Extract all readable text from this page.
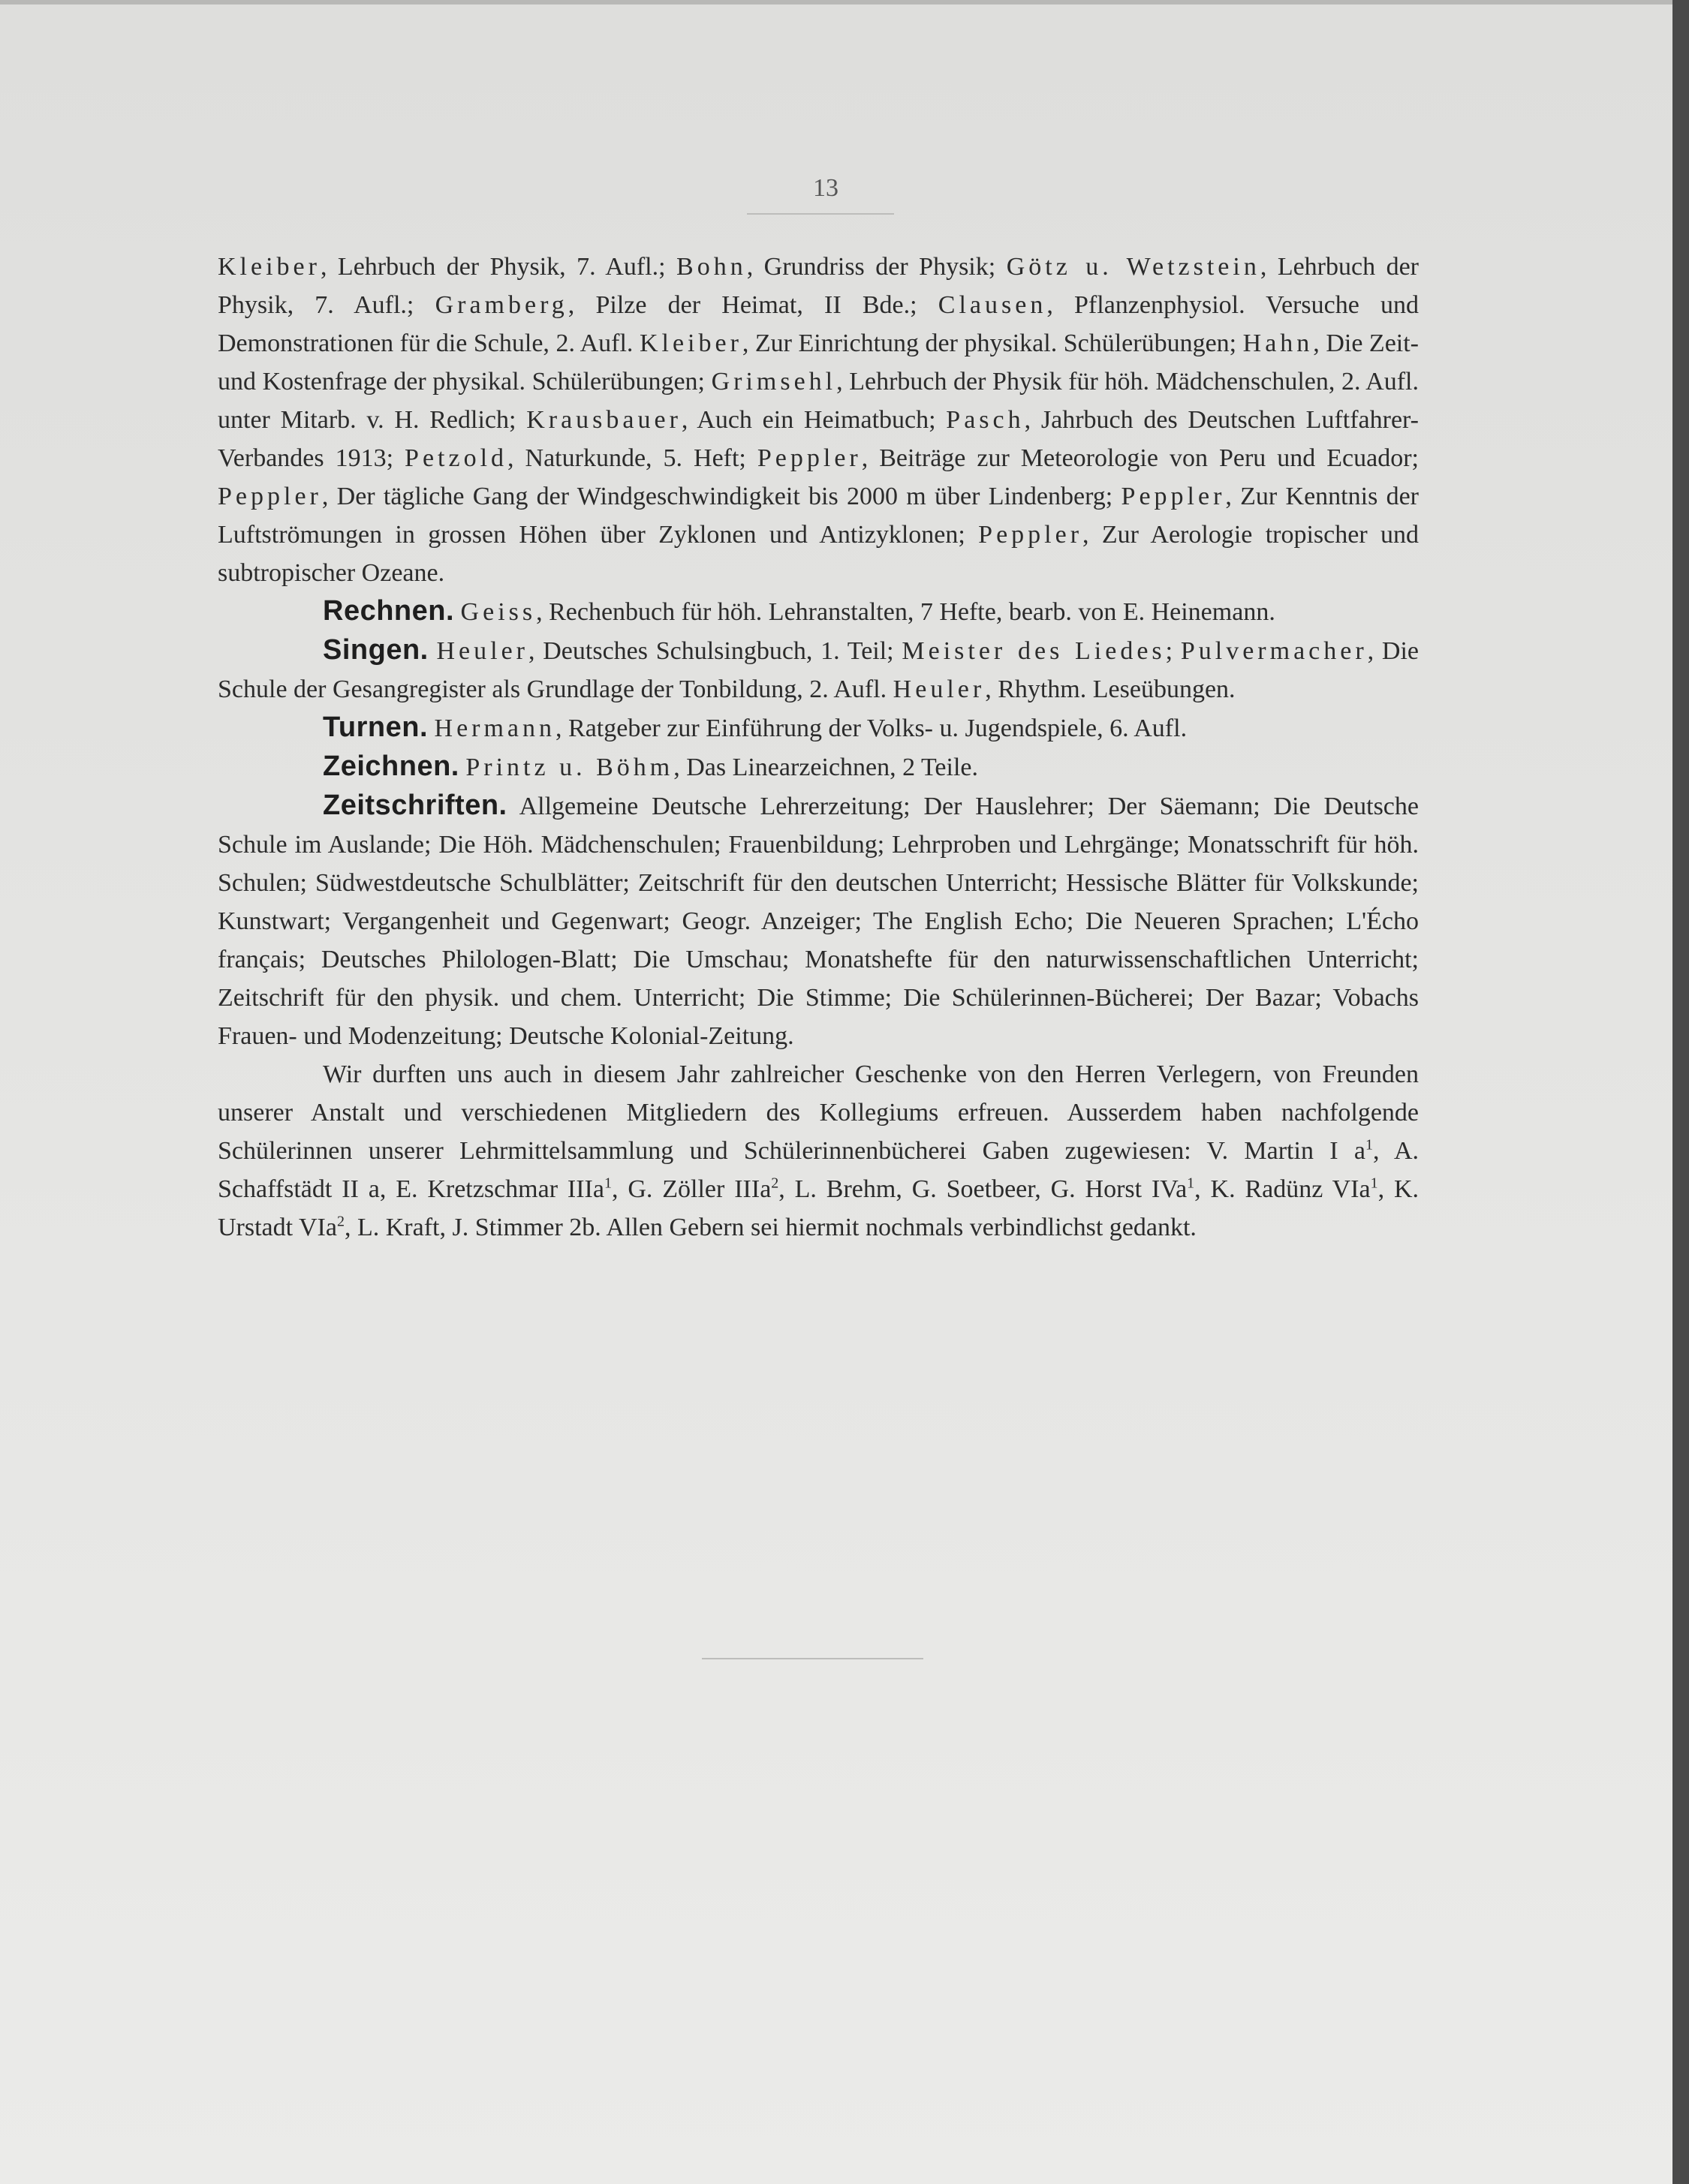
13

Kleiber, Lehrbuch der Physik, 7. Aufl.; Bohn, Grundriss der Physik; Götz u. Wetzstein, Lehrbuch der Physik, 7. Aufl.; Gramberg, Pilze der Heimat, II Bde.; Clausen, Pflanzenphysiol. Versuche und Demonstrationen für die Schule, 2. Aufl. Kleiber, Zur Einrichtung der physikal. Schülerübungen; Hahn, Die Zeit- und Kostenfrage der physikal. Schülerübungen; Grimsehl, Lehrbuch der Physik für höh. Mädchenschulen, 2. Aufl. unter Mitarb. v. H. Redlich; Krausbauer, Auch ein Heimatbuch; Pasch, Jahrbuch des Deutschen Luftfahrer-Verbandes 1913; Petzold, Naturkunde, 5. Heft; Peppler, Beiträge zur Meteorologie von Peru und Ecuador; Peppler, Der tägliche Gang der Windgeschwindigkeit bis 2000 m über Lindenberg; Peppler, Zur Kenntnis der Luftströmungen in grossen Höhen über Zyklonen und Antizyklonen; Peppler, Zur Aerologie tropischer und subtropischer Ozeane.

Rechnen. Geiss, Rechenbuch für höh. Lehranstalten, 7 Hefte, bearb. von E. Heinemann.

Singen. Heuler, Deutsches Schulsingbuch, 1. Teil; Meister des Liedes; Pulvermacher, Die Schule der Gesangregister als Grundlage der Tonbildung, 2. Aufl. Heuler, Rhythm. Leseübungen.

Turnen. Hermann, Ratgeber zur Einführung der Volks- u. Jugendspiele, 6. Aufl.

Zeichnen. Printz u. Böhm, Das Linearzeichnen, 2 Teile.

Zeitschriften. Allgemeine Deutsche Lehrerzeitung; Der Hauslehrer; Der Säemann; Die Deutsche Schule im Auslande; Die Höh. Mädchenschulen; Frauenbildung; Lehrproben und Lehrgänge; Monatsschrift für höh. Schulen; Südwestdeutsche Schulblätter; Zeitschrift für den deutschen Unterricht; Hessische Blätter für Volkskunde; Kunstwart; Vergangenheit und Gegenwart; Geogr. Anzeiger; The English Echo; Die Neueren Sprachen; L'Écho français; Deutsches Philologen-Blatt; Die Umschau; Monatshefte für den naturwissenschaftlichen Unterricht; Zeitschrift für den physik. und chem. Unterricht; Die Stimme; Die Schülerinnen-Bücherei; Der Bazar; Vobachs Frauen- und Modenzeitung; Deutsche Kolonial-Zeitung.

Wir durften uns auch in diesem Jahr zahlreicher Geschenke von den Herren Verlegern, von Freunden unserer Anstalt und verschiedenen Mitgliedern des Kollegiums erfreuen. Ausserdem haben nachfolgende Schülerinnen unserer Lehrmittelsammlung und Schülerinnenbücherei Gaben zugewiesen: V. Martin I $a^1$, A. Schaffstädt II a, E. Kretzschmar IIIa$^1$, G. Zöller IIIa$^2$, L. Brehm, G. Soetbeer, G. Horst IVa$^1$, K. Radünz VIa$^1$, K. Urstadt VIa$^2$, L. Kraft, J. Stimmer 2b. Allen Gebern sei hiermit nochmals verbindlichst gedankt.
